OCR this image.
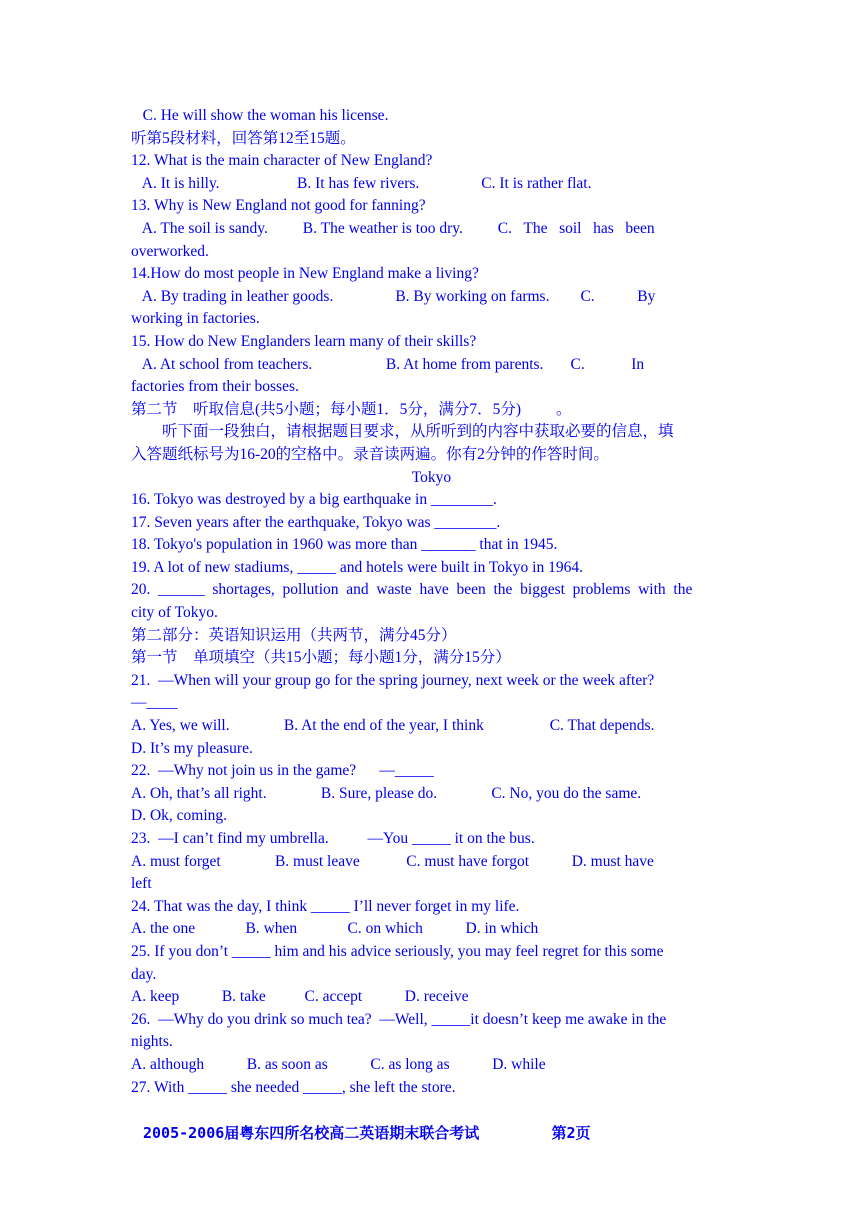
C. He will show the woman his license.
听第5段材料，回答第12至15题。
12. What is the main character of New England?
A. It is hilly.                    B. It has few rivers.                C. It is rather flat.
13. Why is New England not good for fanning?
A. The soil is sandy.         B. The weather is too dry.         C.   The   soil   has   been
overworked.
14.How do most people in New England make a living?
A. By trading in leather goods.                B. By working on farms.        C.           By
working in factories.
15. How do New Englanders learn many of their skills?
A. At school from teachers.                   B. At home from parents.       C.            In
factories from their bosses.
第二节    听取信息(共5小题；每小题1．5分，满分7．5分)         。
听下面一段独白，请根据题目要求，从所听到的内容中获取必要的信息，填
入答题纸标号为16-20的空格中。录音读两遍。你有2分钟的作答时间。
Tokyo
16. Tokyo was destroyed by a big earthquake in ________.
17. Seven years after the earthquake, Tokyo was ________.
18. Tokyo's population in 1960 was more than _______ that in 1945.
19. A lot of new stadiums, _____ and hotels were built in Tokyo in 1964.
20.  ______  shortages,  pollution  and  waste  have  been  the  biggest  problems  with  the
city of Tokyo.
第二部分：英语知识运用（共两节，满分45分）
第一节    单项填空（共15小题；每小题1分，满分15分）
21.  —When will your group go for the spring journey, next week or the week after?
—____
A. Yes, we will.              B. At the end of the year, I think                 C. That depends.
D. It’s my pleasure.
22.  —Why not join us in the game?      —_____
A. Oh, that’s all right.              B. Sure, please do.              C. No, you do the same.
D. Ok, coming.
23.  —I can’t find my umbrella.          —You _____ it on the bus.
A. must forget              B. must leave            C. must have forgot           D. must have
left
24. That was the day, I think _____ I’ll never forget in my life.
A. the one             B. when             C. on which           D. in which
25. If you don’t _____ him and his advice seriously, you may feel regret for this some
day.
A. keep           B. take          C. accept           D. receive
26.  —Why do you drink so much tea?  —Well, _____it doesn’t keep me awake in the
nights.
A. although           B. as soon as           C. as long as           D. while
27. With _____ she needed _____, she left the store.
2005-2006届粤东四所名校高二英语期末联合考试        第2页
